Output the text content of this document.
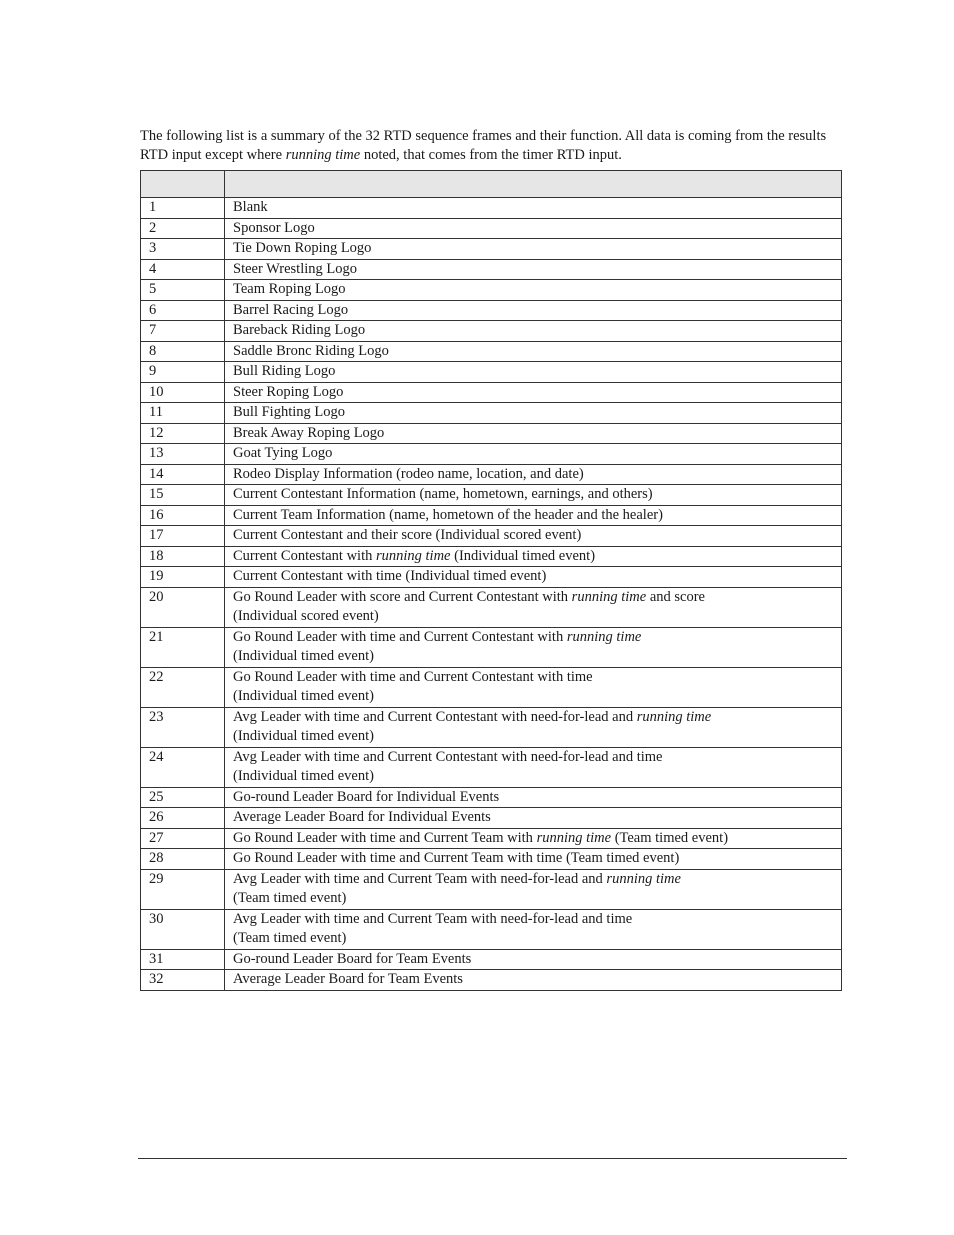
The following list is a summary of the 32 RTD sequence frames and their function. All data is coming from the results RTD input except where running time noted, that comes from the timer RTD input.

1	Blank
2	Sponsor Logo
3	Tie Down Roping Logo
4	Steer Wrestling Logo
5	Team Roping Logo
6	Barrel Racing Logo
7	Bareback Riding Logo
8	Saddle Bronc Riding Logo
9	Bull Riding Logo
10	Steer Roping Logo
11	Bull Fighting Logo
12	Break Away Roping Logo
13	Goat Tying Logo
14	Rodeo Display Information (rodeo name, location, and date)
15	Current Contestant Information (name, hometown, earnings, and others)
16	Current Team Information (name, hometown of the header and the healer)
17	Current Contestant and their score (Individual scored event)
18	Current Contestant with running time (Individual timed event)
19	Current Contestant with time (Individual timed event)
20	Go Round Leader with score and Current Contestant with running time and score
(Individual scored event)
21	Go Round Leader with time and Current Contestant with running time
(Individual timed event)
22	Go Round Leader with time and Current Contestant with time
(Individual timed event)
23	Avg Leader with time and Current Contestant with need-for-lead and running time
(Individual timed event)
24	Avg Leader with time and Current Contestant with need-for-lead and time
(Individual timed event)
25	Go-round Leader Board for Individual Events
26	Average Leader Board for Individual Events
27	Go Round Leader with time and Current Team with running time (Team timed event)
28	Go Round Leader with time and Current Team with time (Team timed event)
29	Avg Leader with time and Current Team with need-for-lead and running time
(Team timed event)
30	Avg Leader with time and Current Team with need-for-lead and time
(Team timed event)
31	Go-round Leader Board for Team Events
32	Average Leader Board for Team Events
